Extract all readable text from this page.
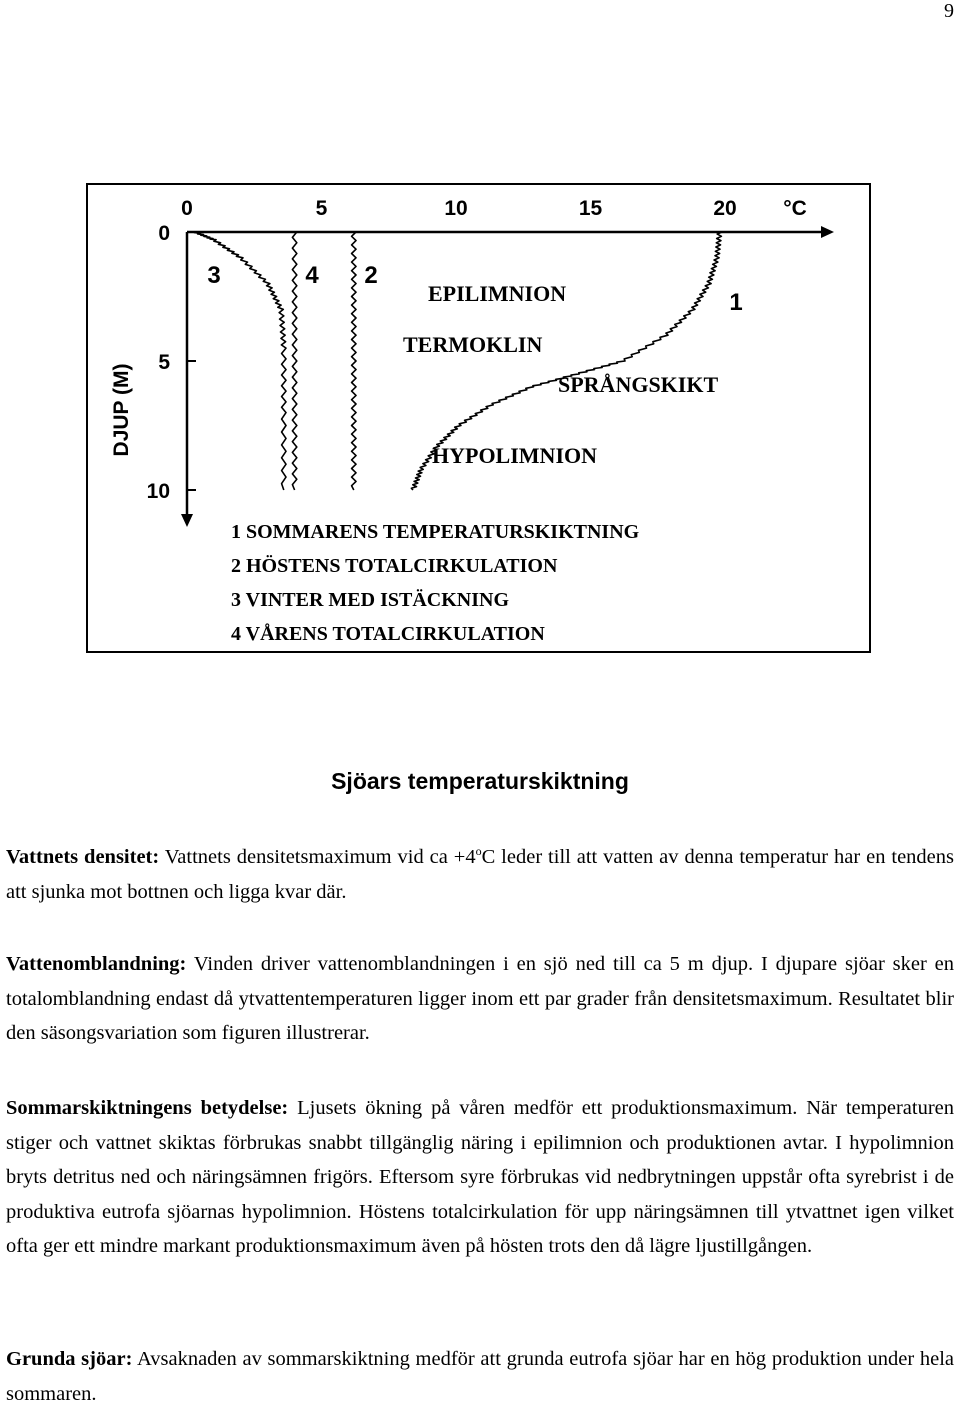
9
0	5	10	15	20 °C
0
5
10
DJUP (M)
1
2
3	4
EPILIMNION
TERMOKLIN
SPRÅNGSKIKT
HYPOLIMNION
1 SOMMARENS TEMPERATURSKIKTNING
2 HÖSTENS TOTALCIRKULATION
3 VINTER MED ISTÄCKNING
4 VÅRENS TOTALCIRKULATION
Sjöars temperaturskiktning
Vattnets densitet: Vattnets densitetsmaximum vid ca $+4^oC$ leder till att vatten av denna temperatur har en tendens att sjunka mot bottnen och ligga kvar där.
Vattenomblandning: Vinden driver vattenomblandningen i en sjö ned till ca 5 m djup. I djupare sjöar sker en totalomblandning endast då ytvattentemperaturen ligger inom ett par grader från densitetsmaximum. Resultatet blir den säsongsvariation som figuren illustrerar.
Sommarskiktningens betydelse: Ljusets ökning på våren medför ett produktionsmaximum. När temperaturen stiger och vattnet skiktas förbrukas snabbt tillgänglig näring i epilimnion och produktionen avtar. I hypolimnion bryts detritus ned och näringsämnen frigörs. Eftersom syre förbrukas vid nedbrytningen uppstår ofta syrebrist i de produktiva eutrofa sjöarnas hypolimnion. Höstens totalcirkulation för upp näringsämnen till ytvattnet igen vilket ofta ger ett mindre markant produktionsmaximum även på hösten trots den då lägre ljustillgången.
Grunda sjöar: Avsaknaden av sommarskiktning medför att grunda eutrofa sjöar har en hög produktion under hela sommaren.
